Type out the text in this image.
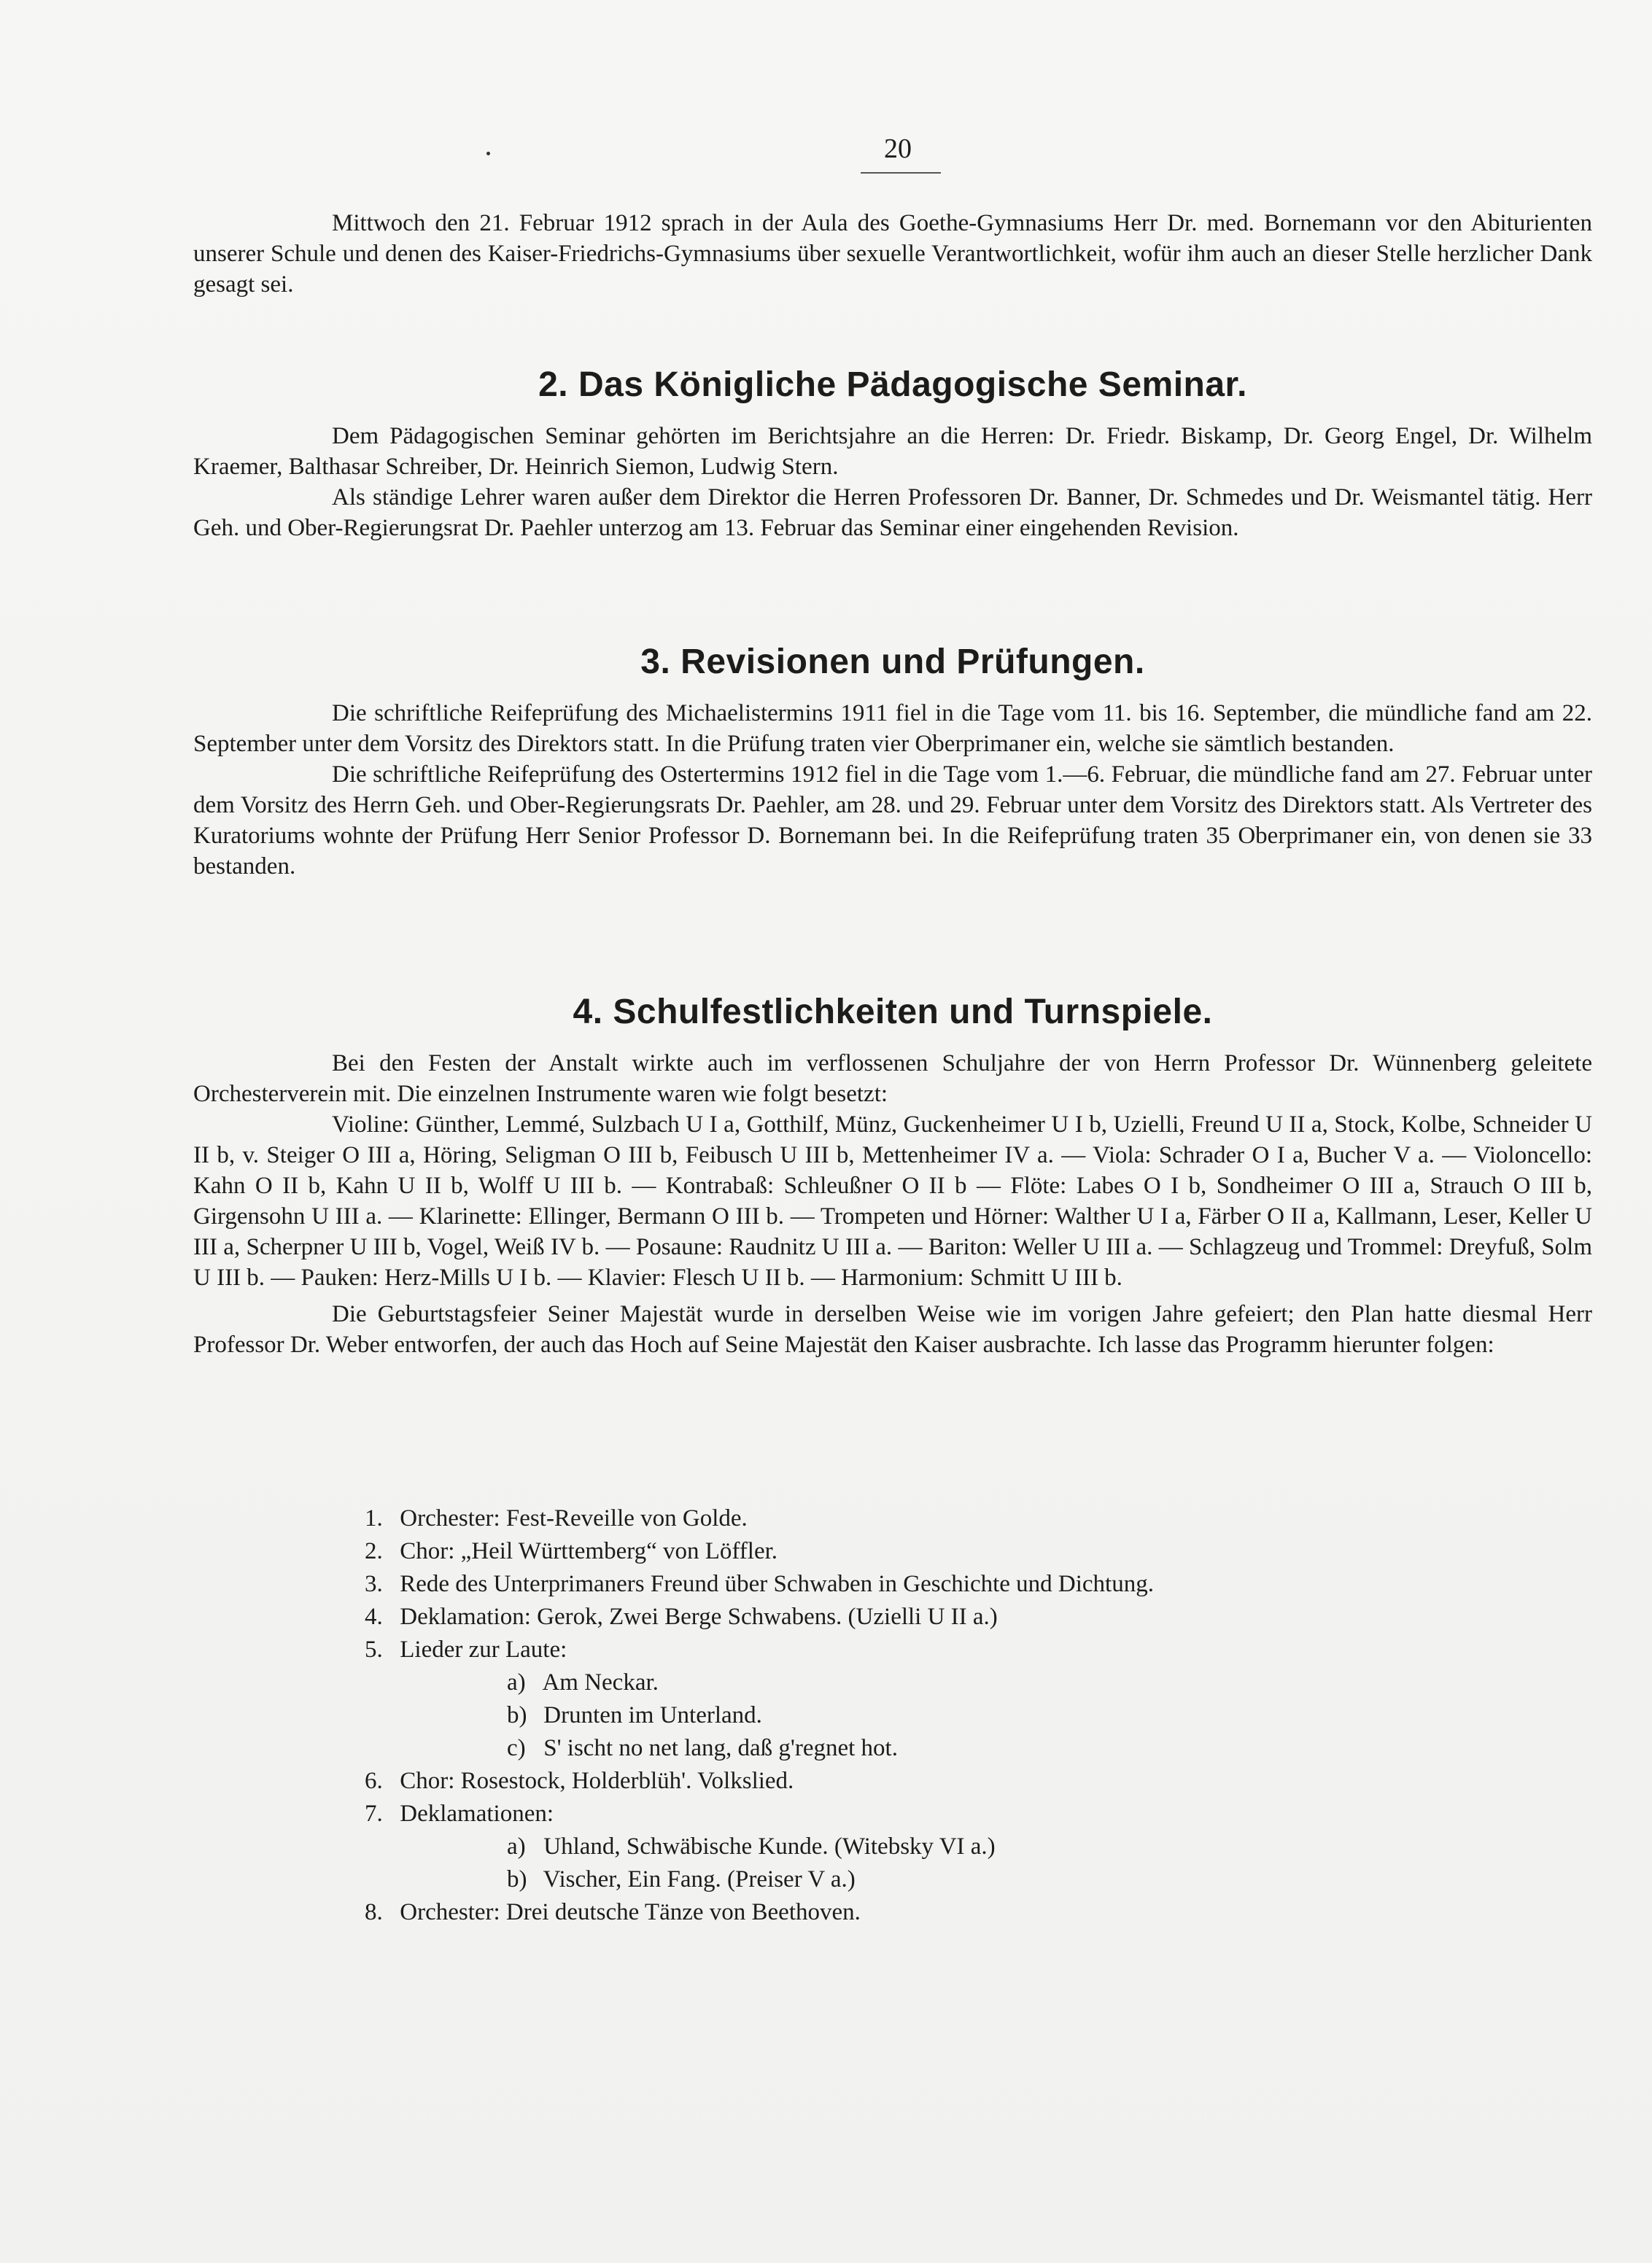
20

Mittwoch den 21. Februar 1912 sprach in der Aula des Goethe-Gymnasiums Herr Dr. med. Bornemann vor den Abiturienten unserer Schule und denen des Kaiser-Friedrichs-Gymnasiums über sexuelle Verantwortlichkeit, wofür ihm auch an dieser Stelle herzlicher Dank gesagt sei.

2. Das Königliche Pädagogische Seminar.

Dem Pädagogischen Seminar gehörten im Berichtsjahre an die Herren: Dr. Friedr. Biskamp, Dr. Georg Engel, Dr. Wilhelm Kraemer, Balthasar Schreiber, Dr. Heinrich Siemon, Ludwig Stern.

Als ständige Lehrer waren außer dem Direktor die Herren Professoren Dr. Banner, Dr. Schmedes und Dr. Weismantel tätig. Herr Geh. und Ober-Regierungsrat Dr. Paehler unterzog am 13. Februar das Seminar einer eingehenden Revision.

3. Revisionen und Prüfungen.

Die schriftliche Reifeprüfung des Michaelistermins 1911 fiel in die Tage vom 11. bis 16. September, die mündliche fand am 22. September unter dem Vorsitz des Direktors statt. In die Prüfung traten vier Oberprimaner ein, welche sie sämtlich bestanden.

Die schriftliche Reifeprüfung des Ostertermins 1912 fiel in die Tage vom 1.—6. Februar, die mündliche fand am 27. Februar unter dem Vorsitz des Herrn Geh. und Ober-Regierungsrats Dr. Paehler, am 28. und 29. Februar unter dem Vorsitz des Direktors statt. Als Vertreter des Kuratoriums wohnte der Prüfung Herr Senior Professor D. Bornemann bei. In die Reifeprüfung traten 35 Oberprimaner ein, von denen sie 33 bestanden.

4. Schulfestlichkeiten und Turnspiele.

Bei den Festen der Anstalt wirkte auch im verflossenen Schuljahre der von Herrn Professor Dr. Wünnenberg geleitete Orchesterverein mit. Die einzelnen Instrumente waren wie folgt besetzt:

Violine: Günther, Lemmé, Sulzbach U I a, Gotthilf, Münz, Guckenheimer U I b, Uzielli, Freund U II a, Stock, Kolbe, Schneider U II b, v. Steiger O III a, Höring, Seligman O III b, Feibusch U III b, Mettenheimer IV a. — Viola: Schrader O I a, Bucher V a. — Violoncello: Kahn O II b, Kahn U II b, Wolff U III b. — Kontrabaß: Schleußner O II b — Flöte: Labes O I b, Sondheimer O III a, Strauch O III b, Girgensohn U III a. — Klarinette: Ellinger, Bermann O III b. — Trompeten und Hörner: Walther U I a, Färber O II a, Kallmann, Leser, Keller U III a, Scherpner U III b, Vogel, Weiß IV b. — Posaune: Raudnitz U III a. — Bariton: Weller U III a. — Schlagzeug und Trommel: Dreyfuß, Solm U III b. — Pauken: Herz-Mills U I b. — Klavier: Flesch U II b. — Harmonium: Schmitt U III b.

Die Geburtstagsfeier Seiner Majestät wurde in derselben Weise wie im vorigen Jahre gefeiert; den Plan hatte diesmal Herr Professor Dr. Weber entworfen, der auch das Hoch auf Seine Majestät den Kaiser ausbrachte. Ich lasse das Programm hierunter folgen:

1. Orchester: Fest-Reveille von Golde.
2. Chor: „Heil Württemberg“ von Löffler.
3. Rede des Unterprimaners Freund über Schwaben in Geschichte und Dichtung.
4. Deklamation: Gerok, Zwei Berge Schwabens. (Uzielli U II a.)
5. Lieder zur Laute:
a) Am Neckar.
b) Drunten im Unterland.
c) S' ischt no net lang, daß g'regnet hot.
6. Chor: Rosestock, Holderblüh'. Volkslied.
7. Deklamationen:
a) Uhland, Schwäbische Kunde. (Witebsky VI a.)
b) Vischer, Ein Fang. (Preiser V a.)
8. Orchester: Drei deutsche Tänze von Beethoven.
